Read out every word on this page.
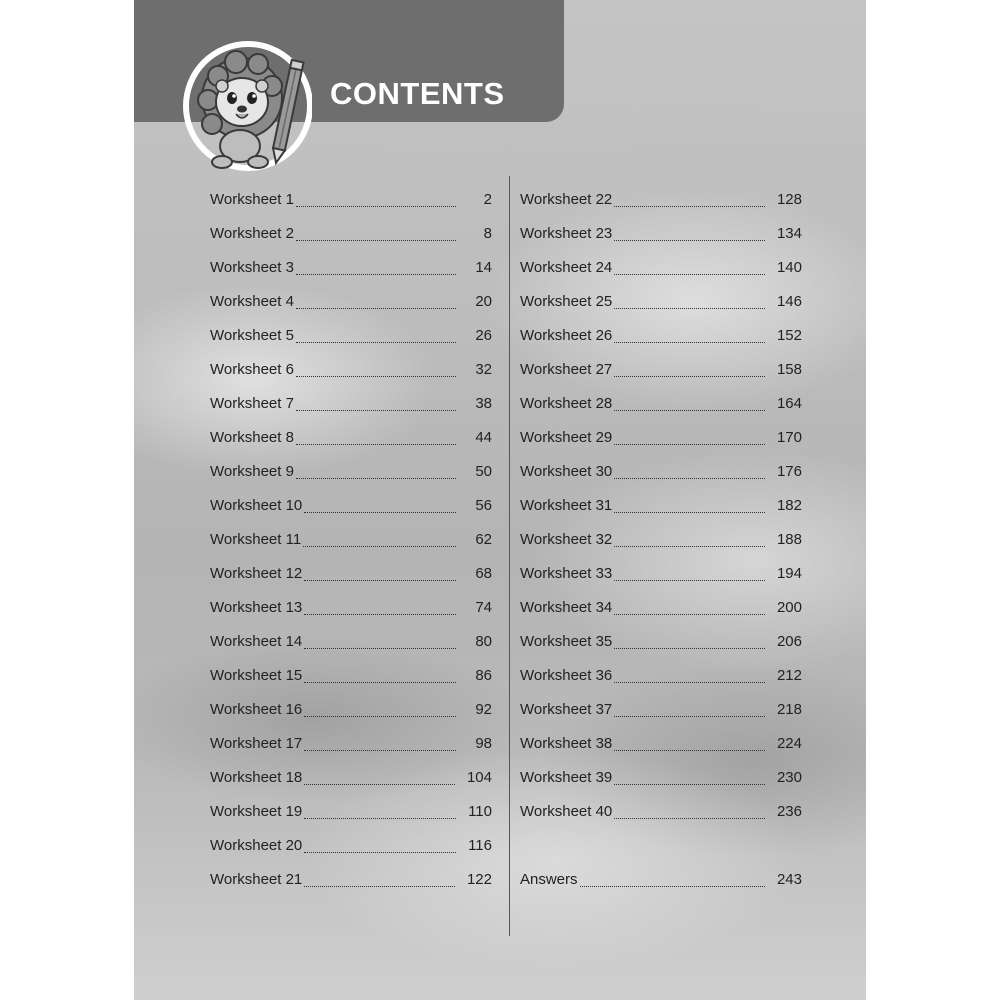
CONTENTS
Worksheet 1	2
Worksheet 2	8
Worksheet 3	14
Worksheet 4	20
Worksheet 5	26
Worksheet 6	32
Worksheet 7	38
Worksheet 8	44
Worksheet 9	50
Worksheet 10	56
Worksheet 11	62
Worksheet 12	68
Worksheet 13	74
Worksheet 14	80
Worksheet 15	86
Worksheet 16	92
Worksheet 17	98
Worksheet 18	104
Worksheet 19	110
Worksheet 20	116
Worksheet 21	122
Worksheet 22	128
Worksheet 23	134
Worksheet 24	140
Worksheet 25	146
Worksheet 26	152
Worksheet 27	158
Worksheet 28	164
Worksheet 29	170
Worksheet 30	176
Worksheet 31	182
Worksheet 32	188
Worksheet 33	194
Worksheet 34	200
Worksheet 35	206
Worksheet 36	212
Worksheet 37	218
Worksheet 38	224
Worksheet 39	230
Worksheet 40	236
Answers	243
